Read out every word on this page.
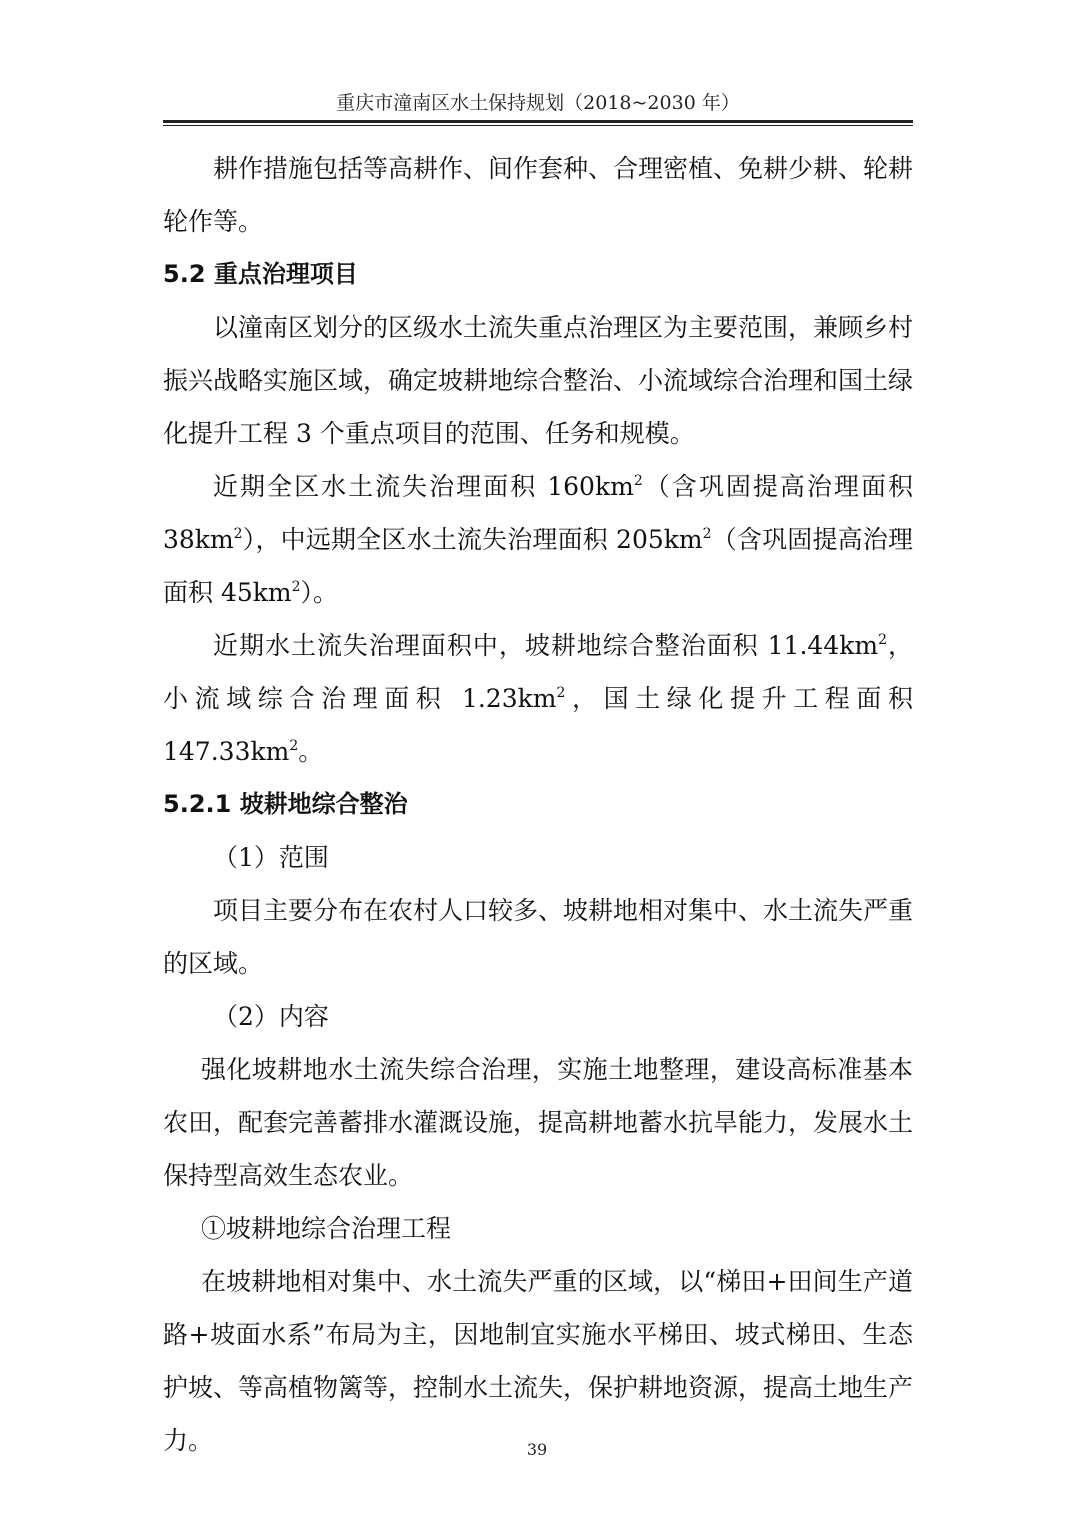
重庆市潼南区水土保持规划（2018~2030 年）

耕作措施包括等高耕作、间作套种、合理密植、免耕少耕、轮耕轮作等。

5.2 重点治理项目

以潼南区划分的区级水土流失重点治理区为主要范围，兼顾乡村振兴战略实施区域，确定坡耕地综合整治、小流域综合治理和国土绿化提升工程 3 个重点项目的范围、任务和规模。

近期全区水土流失治理面积 $160km^2$（含巩固提高治理面积 $38km^2$），中远期全区水土流失治理面积 $205km^2$（含巩固提高治理面积 $45km^2$）。

近期水土流失治理面积中，坡耕地综合整治面积 $11.44km^2$，小流域综合治理面积 $1.23km^2$，国土绿化提升工程面积 $147.33km^2$。

5.2.1 坡耕地综合整治

（1）范围

项目主要分布在农村人口较多、坡耕地相对集中、水土流失严重的区域。

（2）内容

强化坡耕地水土流失综合治理，实施土地整理，建设高标准基本农田，配套完善蓄排水灌溉设施，提高耕地蓄水抗旱能力，发展水土保持型高效生态农业。

①坡耕地综合治理工程

在坡耕地相对集中、水土流失严重的区域，以“梯田+田间生产道路+坡面水系”布局为主，因地制宜实施水平梯田、坡式梯田、生态护坡、等高植物篱等，控制水土流失，保护耕地资源，提高土地生产力。	39
